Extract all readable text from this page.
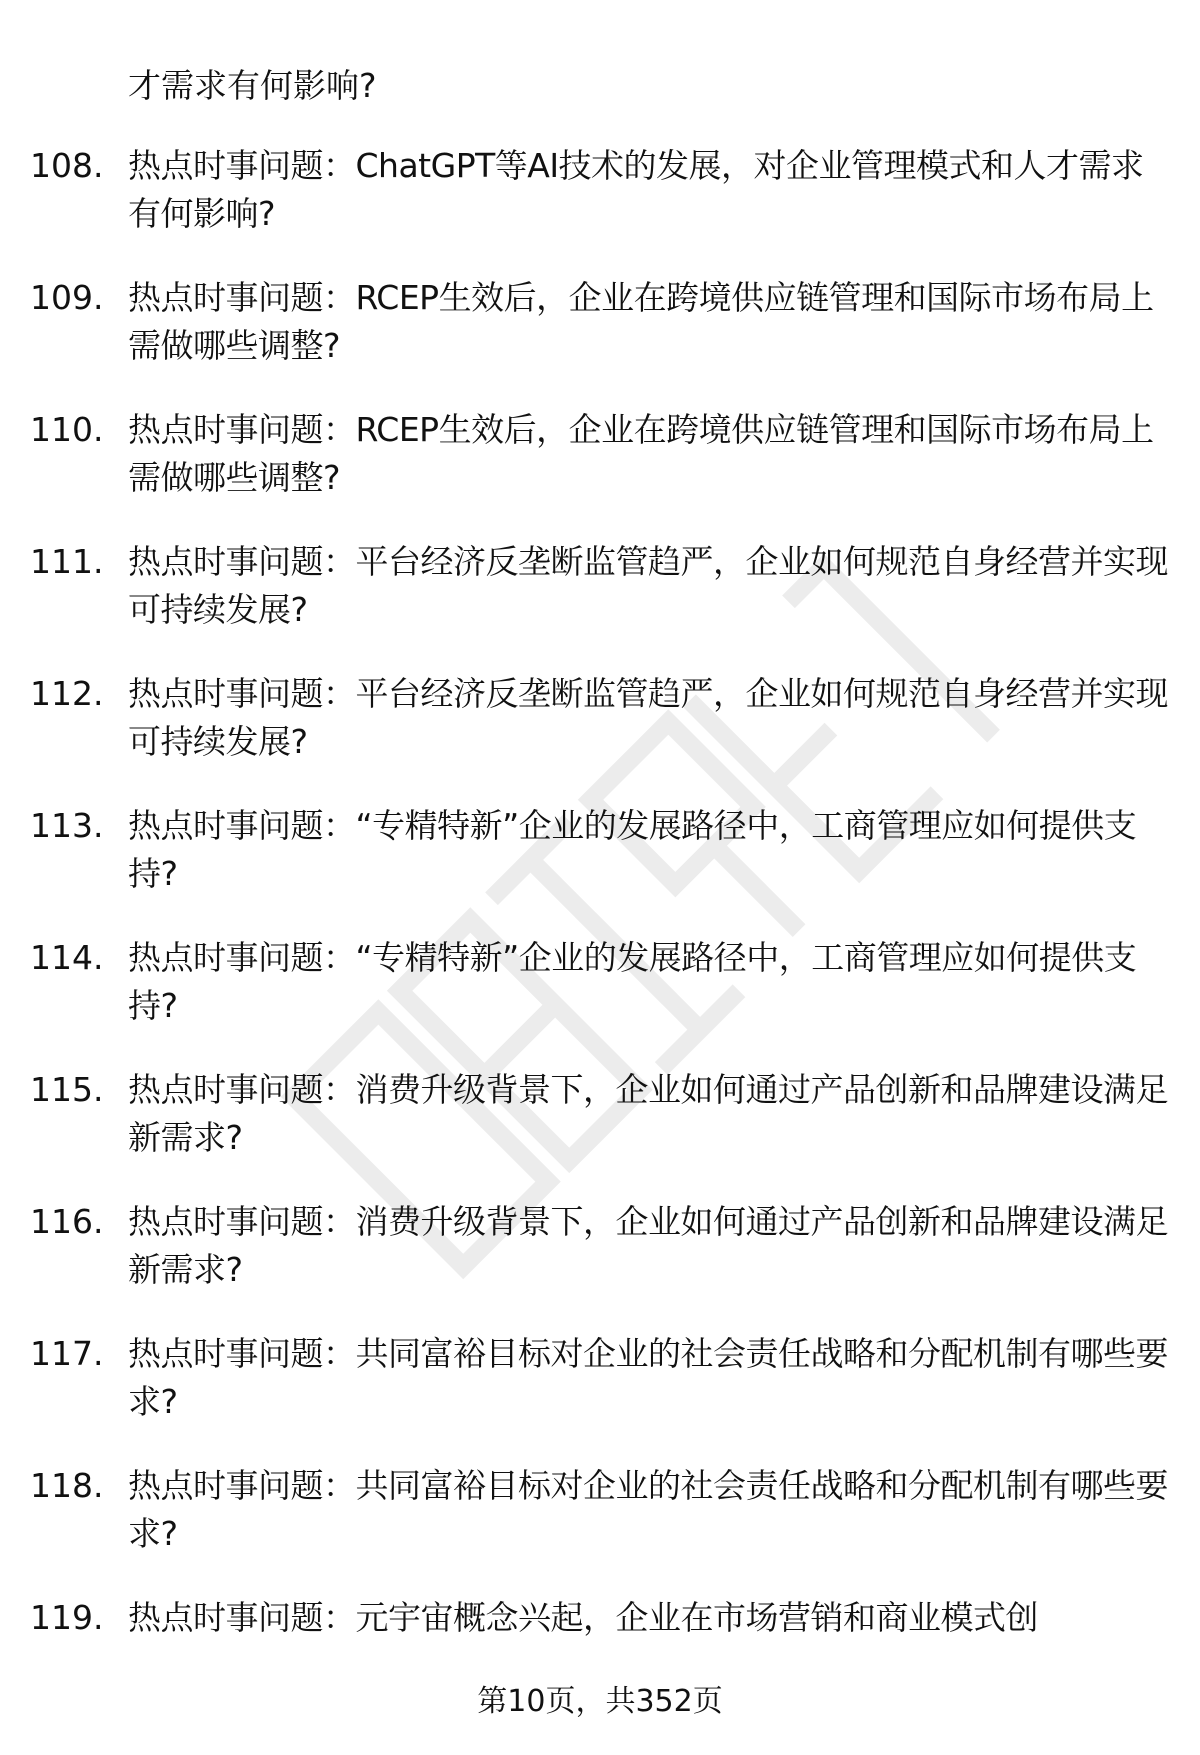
才需求有何影响?
108. 热点时事问题：ChatGPT等AI技术的发展，对企业管理模式和人才需求有何影响?
109. 热点时事问题：RCEP生效后，企业在跨境供应链管理和国际市场布局上需做哪些调整?
110. 热点时事问题：RCEP生效后，企业在跨境供应链管理和国际市场布局上需做哪些调整?
111. 热点时事问题：平台经济反垄断监管趋严，企业如何规范自身经营并实现可持续发展?
112. 热点时事问题：平台经济反垄断监管趋严，企业如何规范自身经营并实现可持续发展?
113. 热点时事问题：“专精特新”企业的发展路径中，工商管理应如何提供支持?
114. 热点时事问题：“专精特新”企业的发展路径中，工商管理应如何提供支持?
115. 热点时事问题：消费升级背景下，企业如何通过产品创新和品牌建设满足新需求?
116. 热点时事问题：消费升级背景下，企业如何通过产品创新和品牌建设满足新需求?
117. 热点时事问题：共同富裕目标对企业的社会责任战略和分配机制有哪些要求?
118. 热点时事问题：共同富裕目标对企业的社会责任战略和分配机制有哪些要求?
119. 热点时事问题：元宇宙概念兴起，企业在市场营销和商业模式创
第10页，共352页
